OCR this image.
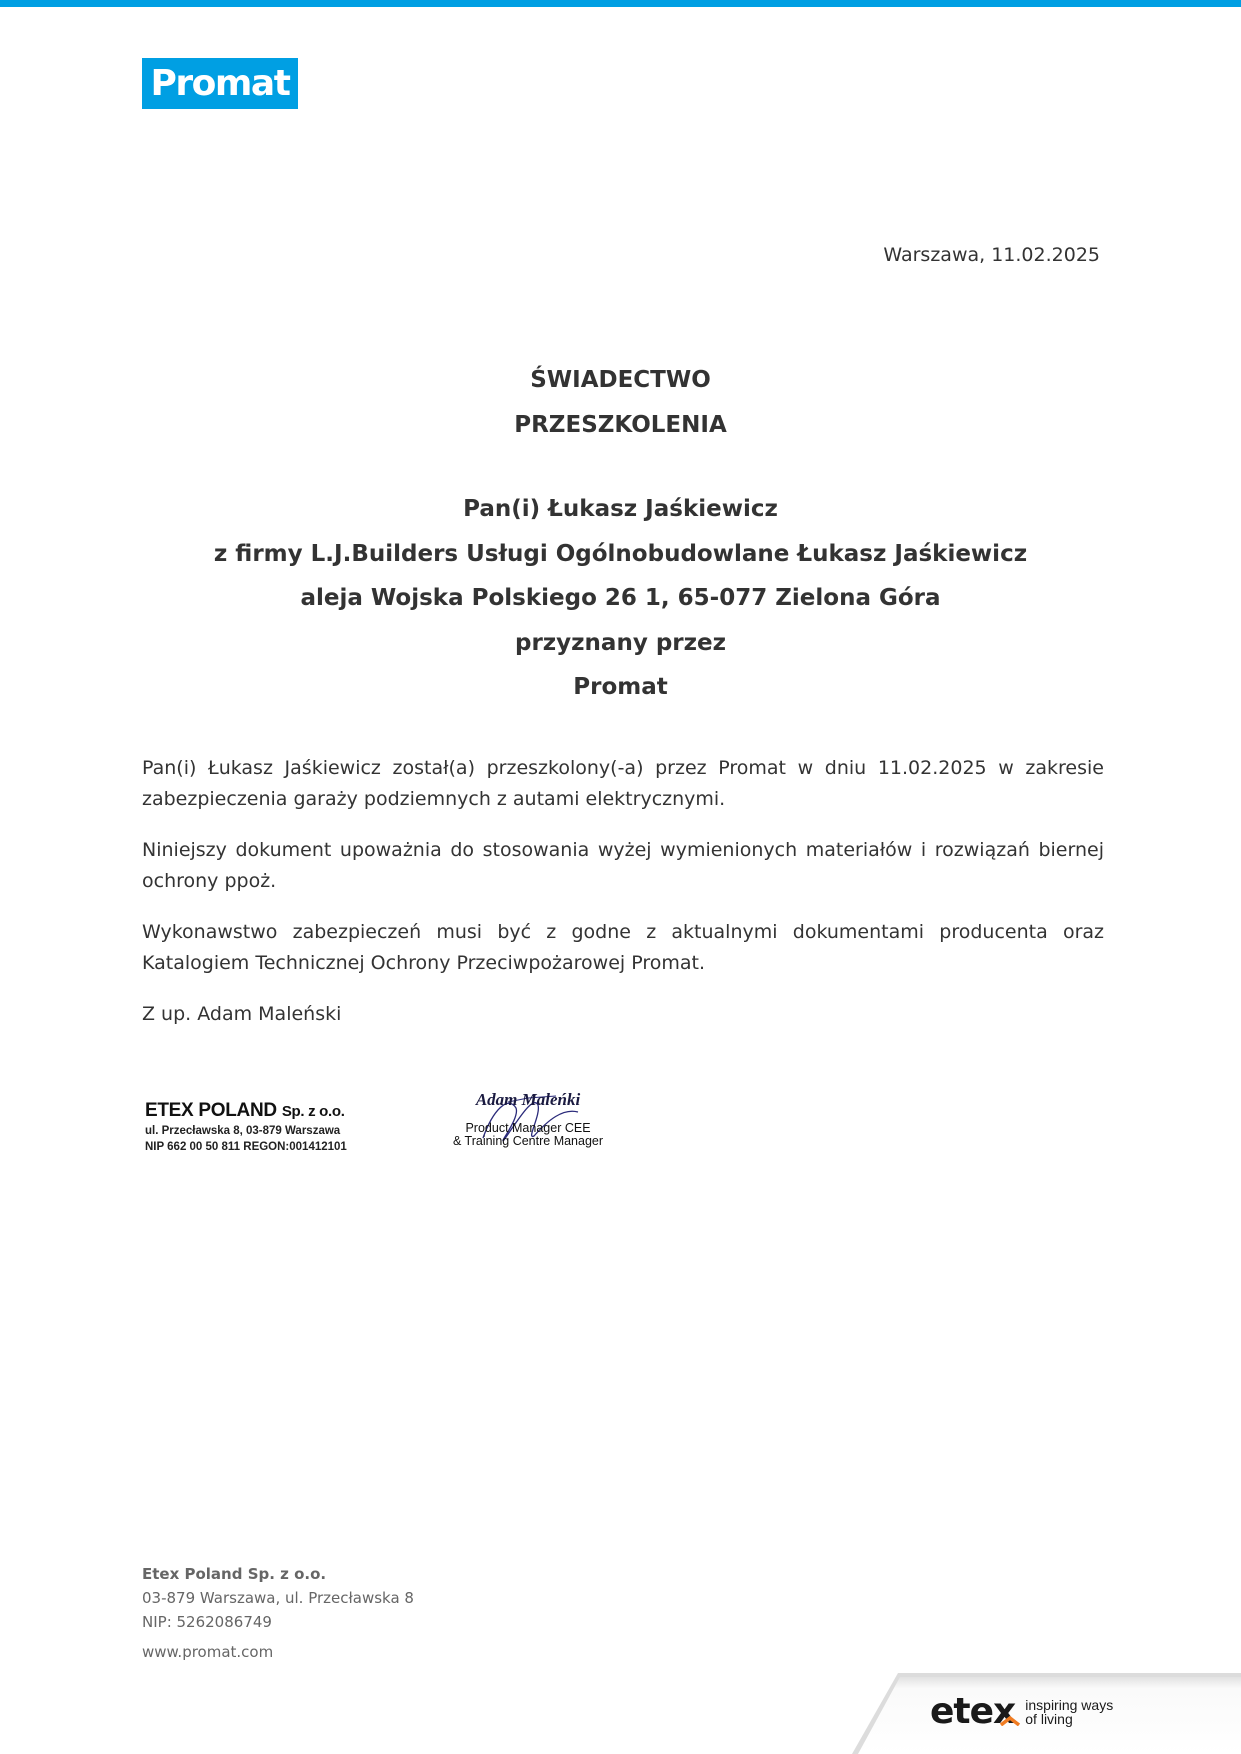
Promat
Warszawa, 11.02.2025
ŚWIADECTWO
PRZESZKOLENIA
Pan(i) Łukasz Jaśkiewicz
z firmy L.J.Builders Usługi Ogólnobudowlane Łukasz Jaśkiewicz
aleja Wojska Polskiego 26 1, 65-077 Zielona Góra
przyznany przez
Promat

Pan(i) Łukasz Jaśkiewicz został(a) przeszkolony(-a) przez Promat w dniu 11.02.2025 w zakresie zabezpieczenia garaży podziemnych z autami elektrycznymi.

Niniejszy dokument upoważnia do stosowania wyżej wymienionych materiałów i rozwiązań biernej ochrony ppoż.

Wykonawstwo zabezpieczeń musi być z godne z aktualnymi dokumentami producenta oraz Katalogiem Technicznej Ochrony Przeciwpożarowej Promat.

Z up. Adam Maleński

ETEX POLAND Sp. z o.o.
ul. Przecławska 8, 03-879 Warszawa
NIP 662 00 50 811 REGON:001412101
Adam Maleńki
Product Manager CEE
& Training Centre Manager
Etex Poland Sp. z o.o.
03-879 Warszawa, ul. Przecławska 8
NIP: 5262086749
www.promat.com
etex inspiring ways
of living
